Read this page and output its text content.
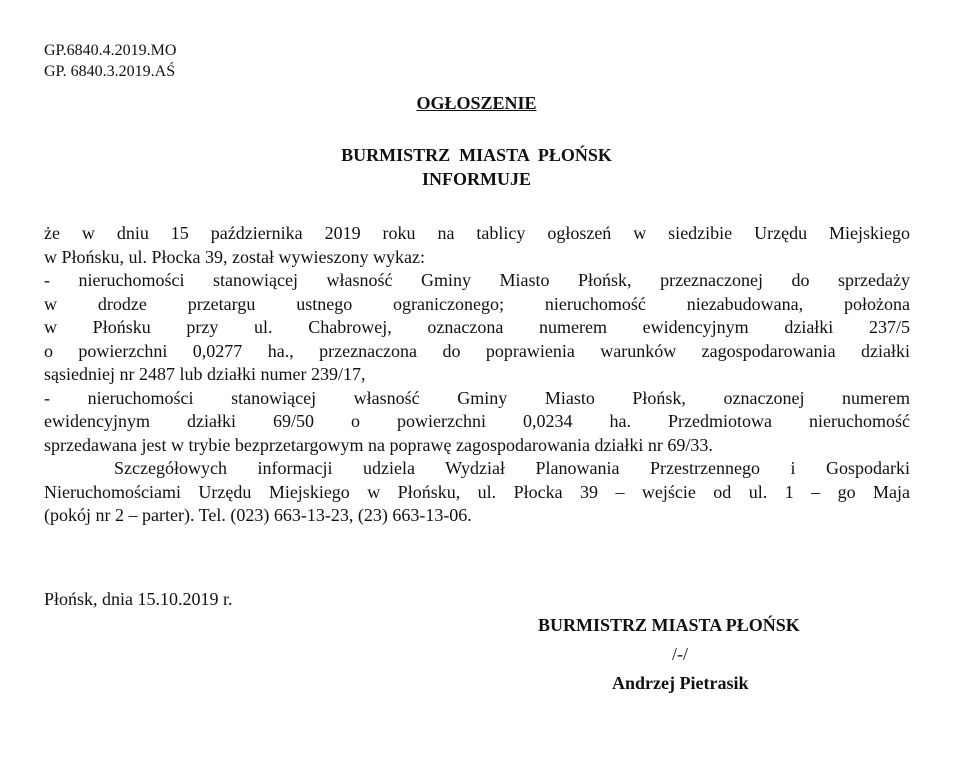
GP.6840.4.2019.MO
GP. 6840.3.2019.AŚ
OGŁOSZENIE
BURMISTRZ  MIASTA  PŁOŃSK
INFORMUJE
że w dniu 15 października 2019 roku na tablicy ogłoszeń w siedzibie Urzędu Miejskiego
w Płońsku, ul. Płocka 39, został wywieszony wykaz:
- nieruchomości stanowiącej własność Gminy Miasto Płońsk, przeznaczonej do sprzedaży
w drodze przetargu ustnego ograniczonego; nieruchomość niezabudowana, położona
w Płońsku przy ul. Chabrowej, oznaczona numerem ewidencyjnym działki 237/5
o powierzchni 0,0277 ha., przeznaczona do poprawienia warunków zagospodarowania działki
sąsiedniej nr 2487 lub działki numer 239/17,
- nieruchomości stanowiącej własność Gminy Miasto Płońsk, oznaczonej numerem
ewidencyjnym działki 69/50 o powierzchni 0,0234 ha. Przedmiotowa nieruchomość
sprzedawana jest w trybie bezprzetargowym na poprawę zagospodarowania działki nr 69/33.
Szczegółowych informacji udziela Wydział Planowania Przestrzennego i Gospodarki
Nieruchomościami Urzędu Miejskiego w Płońsku, ul. Płocka 39 – wejście od ul. 1 – go Maja
(pokój nr 2 – parter). Tel. (023) 663-13-23, (23) 663-13-06.
Płońsk, dnia 15.10.2019 r.
BURMISTRZ MIASTA PŁOŃSK
/-/
Andrzej Pietrasik
